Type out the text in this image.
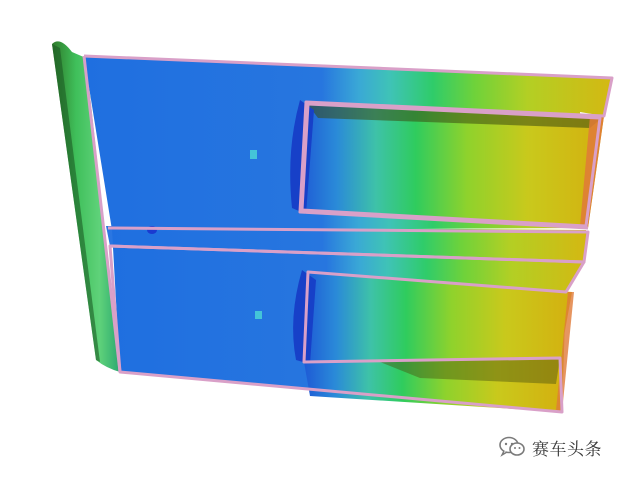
赛车头条
